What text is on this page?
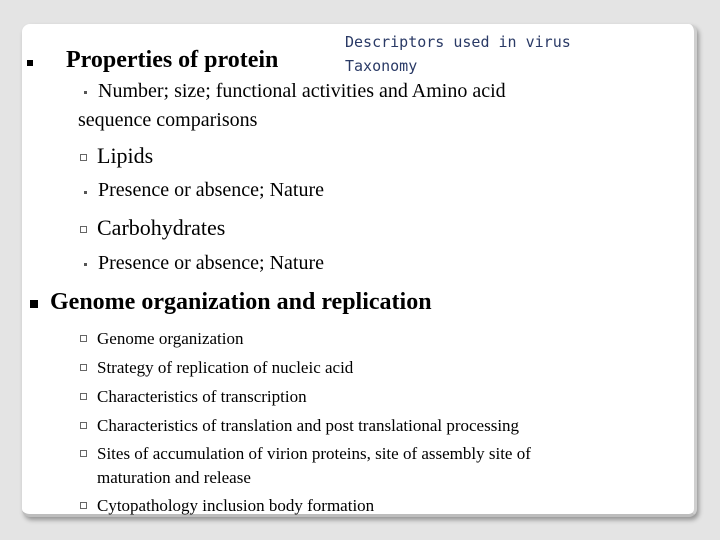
Descriptors used in virus
Taxonomy
Properties of protein
Number; size; functional activities and Amino acid
sequence comparisons
Lipids
Presence or absence; Nature
Carbohydrates
Presence or absence; Nature
Genome organization and replication
Genome organization
Strategy of replication of nucleic acid
Characteristics of transcription
Characteristics of translation and post translational processing
Sites of accumulation of virion proteins, site of assembly site of
maturation and release
Cytopathology inclusion body formation
